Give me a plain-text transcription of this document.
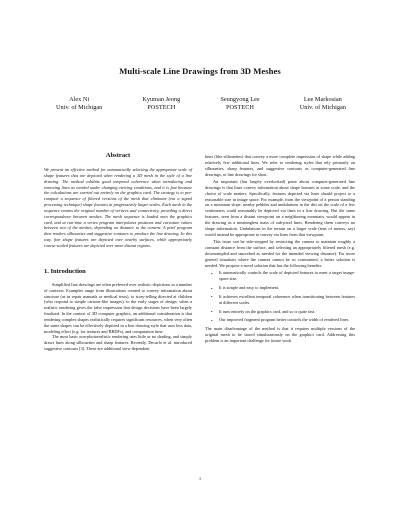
Multi-scale Line Drawings from 3D Meshes
Alex Ni
Univ. of Michigan
Kyuman Jeong
POSTECH
Seungyong Lee
POSTECH
Lee Markosian
Univ. of Michigan
Abstract

We present an effective method for automatically selecting the appropriate scale of shape features that are depicted when rendering a 3D mesh in the style of a line drawing. The method exhibits good temporal coherence when introducing and removing lines as needed under changing viewing conditions, and it is fast because the calculations are carried out entirely on the graphics card. The strategy is to pre-compute a sequence of filtered versions of the mesh that eliminate (via a signal processing technique) shape features at progressively larger scales. Each mesh in the sequence retains the original number of vertices and connectivity, providing a direct correspondence between meshes. The mesh sequence is loaded onto the graphics card, and at run-time a vertex program interpolates positions and curvature values between two of the meshes, depending on distance to the camera. A pixel program then renders silhouettes and suggestive contours to produce the line drawing. In this way, fine shape features are depicted over nearby surfaces, while appropriately coarse-scaled features are depicted over more distant regions.

1. Introduction

Simplified line drawings are often preferred over realistic depictions in a number of contexts. Examples range from illustrations created to convey information about structure (as in repair manuals or medical texts), to story-telling directed at children (who respond to simple cartoon-like images), to the early stages of design, when a realistic rendering gives the false impression that design decisions have been largely finalized. In the context of 3D computer graphics, an additional consideration is that rendering complex shapes realistically requires significant resources, when very often the same shapes can be effectively depicted in a line drawing style that uses less data, modeling effort (e.g. for textures and BRDFs), and computation time.

The most basic non-photorealistic rendering uses little or no shading, and simply draws lines along silhouettes and sharp features. Recently, Decarlo et al. introduced suggestive contours [3]. These are additional view-dependent

lines (like silhouettes) that convey a more complete impression of shape while adding relatively few additional lines. We refer to rendering styles that rely primarily on silhouettes, sharp features, and suggestive contours as computer-generated line drawings, or line drawings for short.

An important (but largely overlooked) point about computer-generated line drawings is that lines convey information about shape features at some scale, and the choice of scale matters. Specifically, features depicted via lines should project to a reasonable size in image space. For example, from the viewpoint of a person standing on a mountain slope, nearby pebbles and undulations in the dirt on the scale of a few centimeters could reasonably be depicted via lines in a line drawing. But the same features, seen from a distant viewpoint on a neighboring mountain, would appear in the drawing as a meaningless mass of sub-pixel lines. Rendering them conveys no shape information. Undulations in the terrain on a larger scale (tens of meters, say) would instead be appropriate to convey via lines from that viewpoint.

This issue can be side-stepped by restricting the camera to maintain roughly a constant distance from the surface, and selecting an appropriately filtered mesh (e.g. downsampled and smoothed as needed for the intended viewing distance). For more general situations where the camera cannot be so constrained, a better solution is needed. We propose a novel solution that has the following benefits:

• It automatically controls the scale of depicted features to meet a target image-space size.
• It is simple and easy to implement.
• It achieves excellent temporal coherence when transitioning between features at different scales.
• It runs entirely on the graphics card, and so is quite fast.
• Our improved fragment program better controls the width of rendered lines.

The main disadvantage of the method is that it requires multiple versions of the original mesh to be stored simultaneously on the graphics card. Addressing this problem is an important challenge for future work.

1
